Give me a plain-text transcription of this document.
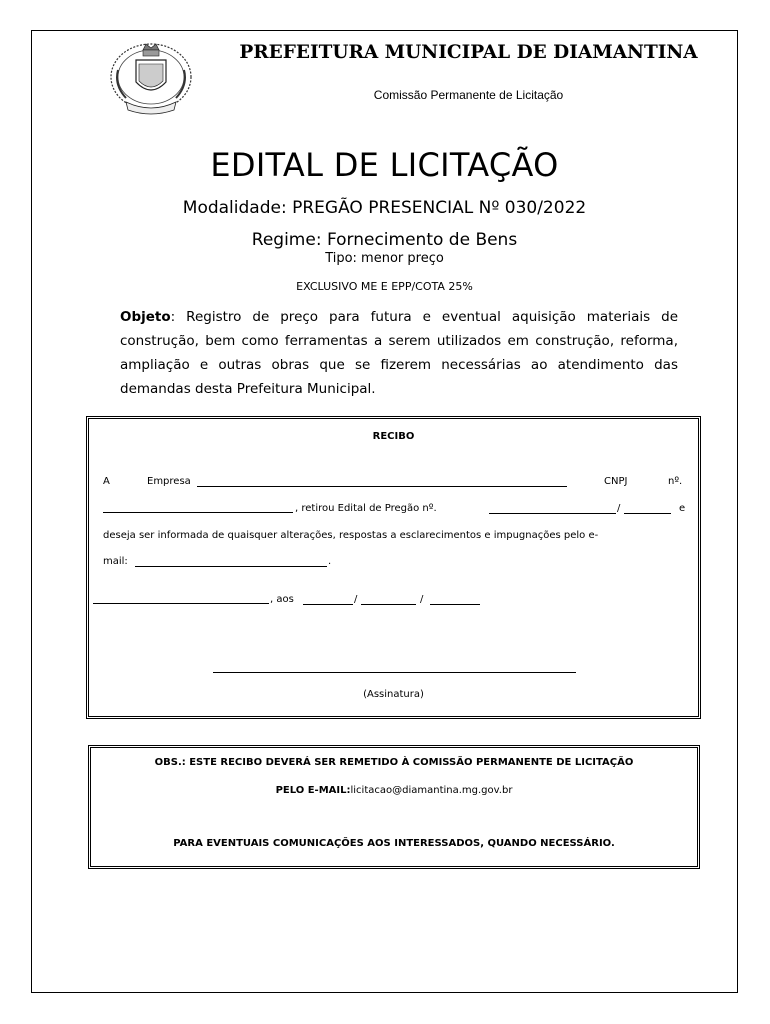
PREFEITURA MUNICIPAL DE DIAMANTINA
Comissão Permanente de Licitação
EDITAL DE LICITAÇÃO
Modalidade: PREGÃO PRESENCIAL Nº 030/2022
Regime: Fornecimento de Bens
Tipo: menor preço
EXCLUSIVO ME E EPP/COTA 25%
Objeto: Registro de preço para futura e eventual aquisição materiais de construção, bem como ferramentas a serem utilizados em construção, reforma, ampliação e outras obras que se fizerem necessárias ao atendimento das demandas desta Prefeitura Municipal.
RECIBO
A	Empresa	CNPJ	nº.
, retirou Edital de Pregão nº.	/	e
deseja ser informada de quaisquer alterações, respostas a esclarecimentos e impugnações pelo e-
mail:	.
, aos	/	/
(Assinatura)
OBS.: ESTE RECIBO DEVERÁ SER REMETIDO À COMISSÃO PERMANENTE DE LICITAÇÃO
PELO E-MAIL:licitacao@diamantina.mg.gov.br
PARA EVENTUAIS COMUNICAÇÕES AOS INTERESSADOS, QUANDO NECESSÁRIO.
